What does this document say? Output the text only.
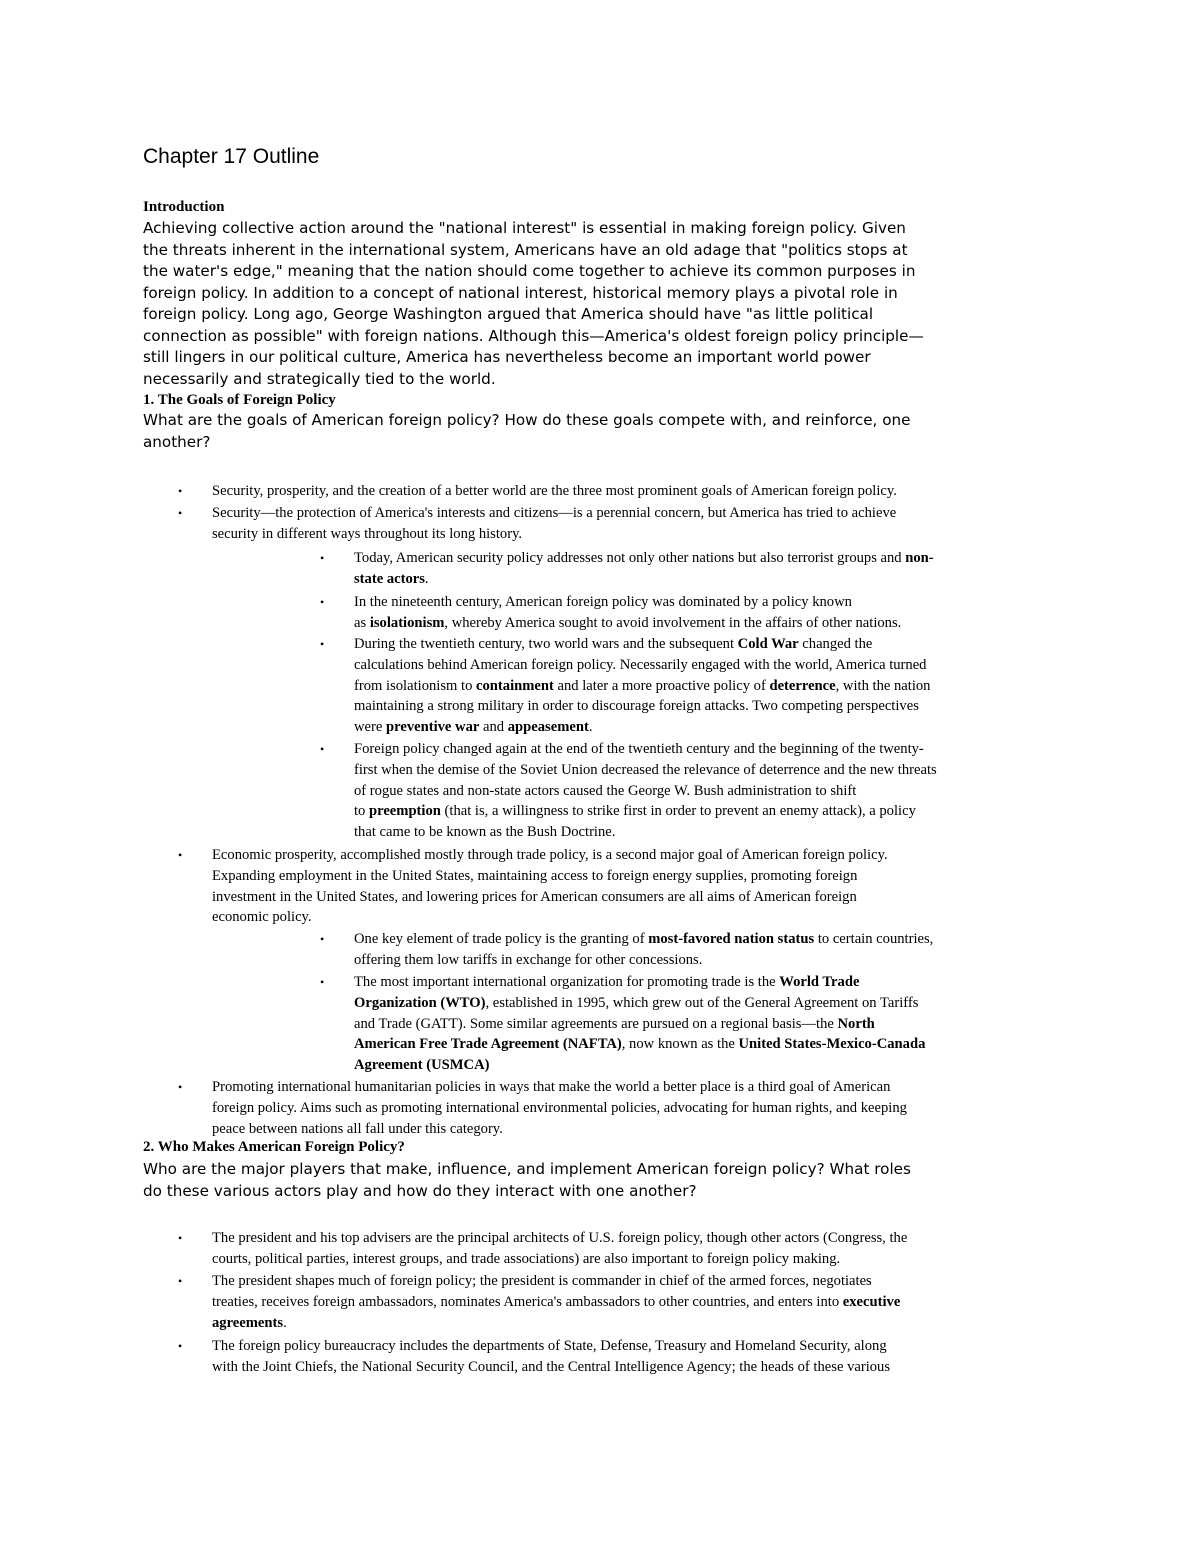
Chapter 17 Outline
Introduction
Achieving collective action around the "national interest" is essential in making foreign policy. Given
the threats inherent in the international system, Americans have an old adage that "politics stops at
the water's edge," meaning that the nation should come together to achieve its common purposes in
foreign policy. In addition to a concept of national interest, historical memory plays a pivotal role in
foreign policy. Long ago, George Washington argued that America should have "as little political
connection as possible" with foreign nations. Although this—America's oldest foreign policy principle—
still lingers in our political culture, America has nevertheless become an important world power
necessarily and strategically tied to the world.
1. The Goals of Foreign Policy
What are the goals of American foreign policy? How do these goals compete with, and reinforce, one
another?
• Security, prosperity, and the creation of a better world are the three most prominent goals of American foreign policy.
• Security—the protection of America's interests and citizens—is a perennial concern, but America has tried to achieve
security in different ways throughout its long history.
• Today, American security policy addresses not only other nations but also terrorist groups and non-
state actors.
• In the nineteenth century, American foreign policy was dominated by a policy known
as isolationism, whereby America sought to avoid involvement in the affairs of other nations.
• During the twentieth century, two world wars and the subsequent Cold War changed the
calculations behind American foreign policy. Necessarily engaged with the world, America turned
from isolationism to containment and later a more proactive policy of deterrence, with the nation
maintaining a strong military in order to discourage foreign attacks. Two competing perspectives
were preventive war and appeasement.
• Foreign policy changed again at the end of the twentieth century and the beginning of the twenty-
first when the demise of the Soviet Union decreased the relevance of deterrence and the new threats
of rogue states and non-state actors caused the George W. Bush administration to shift
to preemption (that is, a willingness to strike first in order to prevent an enemy attack), a policy
that came to be known as the Bush Doctrine.
• Economic prosperity, accomplished mostly through trade policy, is a second major goal of American foreign policy.
Expanding employment in the United States, maintaining access to foreign energy supplies, promoting foreign
investment in the United States, and lowering prices for American consumers are all aims of American foreign
economic policy.
• One key element of trade policy is the granting of most-favored nation status to certain countries,
offering them low tariffs in exchange for other concessions.
• The most important international organization for promoting trade is the World Trade
Organization (WTO), established in 1995, which grew out of the General Agreement on Tariffs
and Trade (GATT). Some similar agreements are pursued on a regional basis—the North
American Free Trade Agreement (NAFTA), now known as the United States-Mexico-Canada
Agreement (USMCA)
• Promoting international humanitarian policies in ways that make the world a better place is a third goal of American
foreign policy. Aims such as promoting international environmental policies, advocating for human rights, and keeping
peace between nations all fall under this category.
2. Who Makes American Foreign Policy?
Who are the major players that make, influence, and implement American foreign policy? What roles
do these various actors play and how do they interact with one another?
• The president and his top advisers are the principal architects of U.S. foreign policy, though other actors (Congress, the
courts, political parties, interest groups, and trade associations) are also important to foreign policy making.
• The president shapes much of foreign policy; the president is commander in chief of the armed forces, negotiates
treaties, receives foreign ambassadors, nominates America's ambassadors to other countries, and enters into executive
agreements.
• The foreign policy bureaucracy includes the departments of State, Defense, Treasury and Homeland Security, along
with the Joint Chiefs, the National Security Council, and the Central Intelligence Agency; the heads of these various
